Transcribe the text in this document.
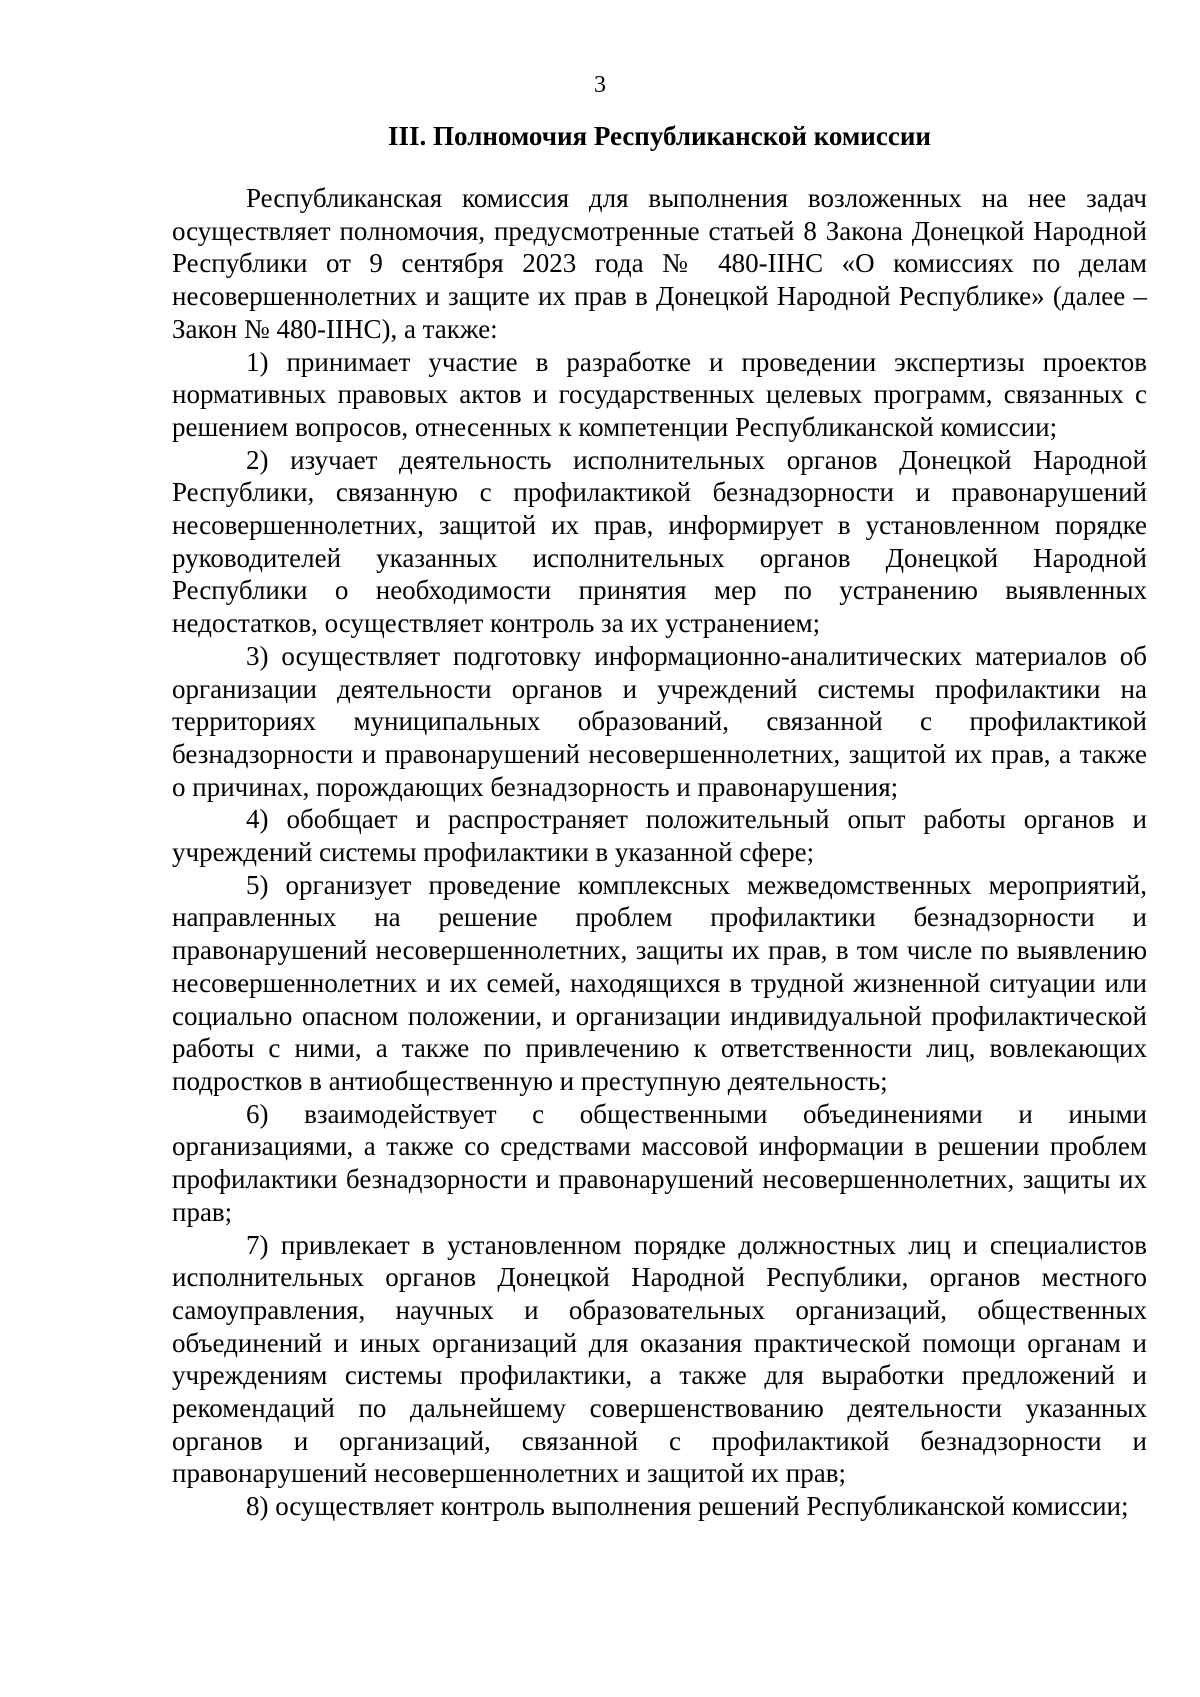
3
III. Полномочия Республиканской комиссии

Республиканская комиссия для выполнения возложенных на нее задач осуществляет полномочия, предусмотренные статьей 8 Закона Донецкой Народной Республики от 9 сентября 2023 года № 480-IIНС «О комиссиях по делам несовершеннолетних и защите их прав в Донецкой Народной Республике» (далее – Закон № 480-IIНС), а также:

1) принимает участие в разработке и проведении экспертизы проектов нормативных правовых актов и государственных целевых программ, связанных с решением вопросов, отнесенных к компетенции Республиканской комиссии;

2) изучает деятельность исполнительных органов Донецкой Народной Республики, связанную с профилактикой безнадзорности и правонарушений несовершеннолетних, защитой их прав, информирует в установленном порядке руководителей указанных исполнительных органов Донецкой Народной Республики о необходимости принятия мер по устранению выявленных недостатков, осуществляет контроль за их устранением;

3) осуществляет подготовку информационно-аналитических материалов об организации деятельности органов и учреждений системы профилактики на территориях муниципальных образований, связанной с профилактикой безнадзорности и правонарушений несовершеннолетних, защитой их прав, а также о причинах, порождающих безнадзорность и правонарушения;

4) обобщает и распространяет положительный опыт работы органов и учреждений системы профилактики в указанной сфере;

5) организует проведение комплексных межведомственных мероприятий, направленных на решение проблем профилактики безнадзорности и правонарушений несовершеннолетних, защиты их прав, в том числе по выявлению несовершеннолетних и их семей, находящихся в трудной жизненной ситуации или социально опасном положении, и организации индивидуальной профилактической работы с ними, а также по привлечению к ответственности лиц, вовлекающих подростков в антиобщественную и преступную деятельность;

6) взаимодействует с общественными объединениями и иными организациями, а также со средствами массовой информации в решении проблем профилактики безнадзорности и правонарушений несовершеннолетних, защиты их прав;

7) привлекает в установленном порядке должностных лиц и специалистов исполнительных органов Донецкой Народной Республики, органов местного самоуправления, научных и образовательных организаций, общественных объединений и иных организаций для оказания практической помощи органам и учреждениям системы профилактики, а также для выработки предложений и рекомендаций по дальнейшему совершенствованию деятельности указанных органов и организаций, связанной с профилактикой безнадзорности и правонарушений несовершеннолетних и защитой их прав;

8) осуществляет контроль выполнения решений Республиканской комиссии;
